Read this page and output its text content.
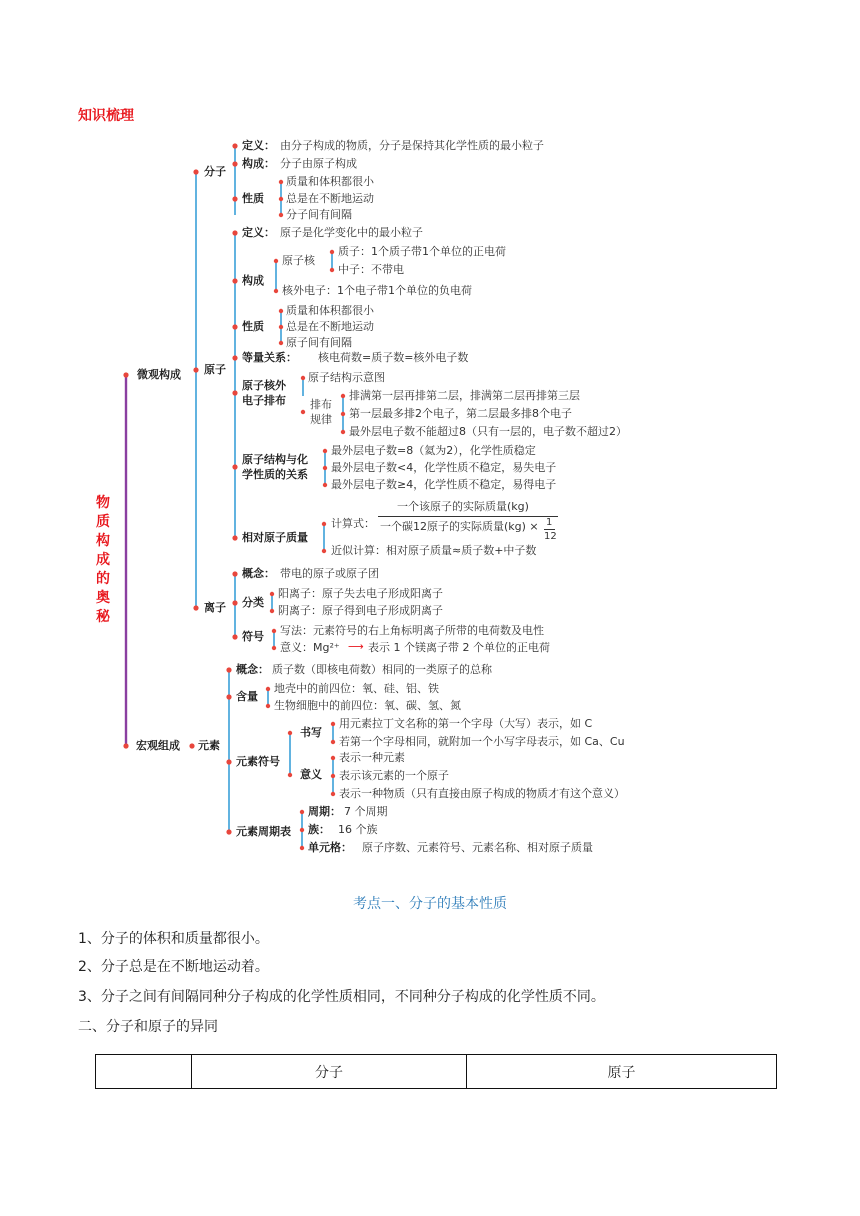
知识梳理
物质构成的奥秘
微观构成
宏观组成
分子
定义： 由分子构成的物质，分子是保持其化学性质的最小粒子
构成： 分子由原子构成
性质
质量和体积都很小
总是在不断地运动
分子间有间隔
原子
定义： 原子是化学变化中的最小粒子
构成
原子核
质子：1个质子带1个单位的正电荷
中子：不带电
核外电子：1个电子带1个单位的负电荷
性质
质量和体积都很小
总是在不断地运动
原子间有间隔
等量关系： 核电荷数=质子数=核外电子数
原子核外
电子排布
原子结构示意图
排布
规律
排满第一层再排第二层，排满第二层再排第三层
第一层最多排2个电子，第二层最多排8个电子
最外层电子数不能超过8（只有一层的，电子数不超过2）
原子结构与化
学性质的关系
最外层电子数=8（氦为2），化学性质稳定
最外层电子数<4，化学性质不稳定，易失电子
最外层电子数≥4，化学性质不稳定，易得电子
相对原子质量
计算式：
一个该原子的实际质量(kg)
一个碳12原子的实际质量(kg) × 1
12
近似计算：相对原子质量≈质子数+中子数
离子
概念： 带电的原子或原子团
分类
阳离子：原子失去电子形成阳离子
阴离子：原子得到电子形成阴离子
符号 写法：元素符号的右上角标明离子所带的电荷数及电性
意义：Mg²⁺ ⟶ 表示 1 个镁离子带 2 个单位的正电荷
元素
概念： 质子数（即核电荷数）相同的一类原子的总称
含量
地壳中的前四位：氧、硅、铝、铁
生物细胞中的前四位：氧、碳、氢、氮
元素符号
书写
用元素拉丁文名称的第一个字母（大写）表示，如 C
若第一个字母相同，就附加一个小写字母表示，如 Ca、Cu
意义
表示一种元素
表示该元素的一个原子
表示一种物质（只有直接由原子构成的物质才有这个意义）
元素周期表
周期： 7 个周期
族： 16 个族
单元格： 原子序数、元素符号、元素名称、相对原子质量
考点一、分子的基本性质
1、分子的体积和质量都很小。
2、分子总是在不断地运动着。
3、分子之间有间隔同种分子构成的化学性质相同，不同种分子构成的化学性质不同。
二、分子和原子的异同
	分子	原子
